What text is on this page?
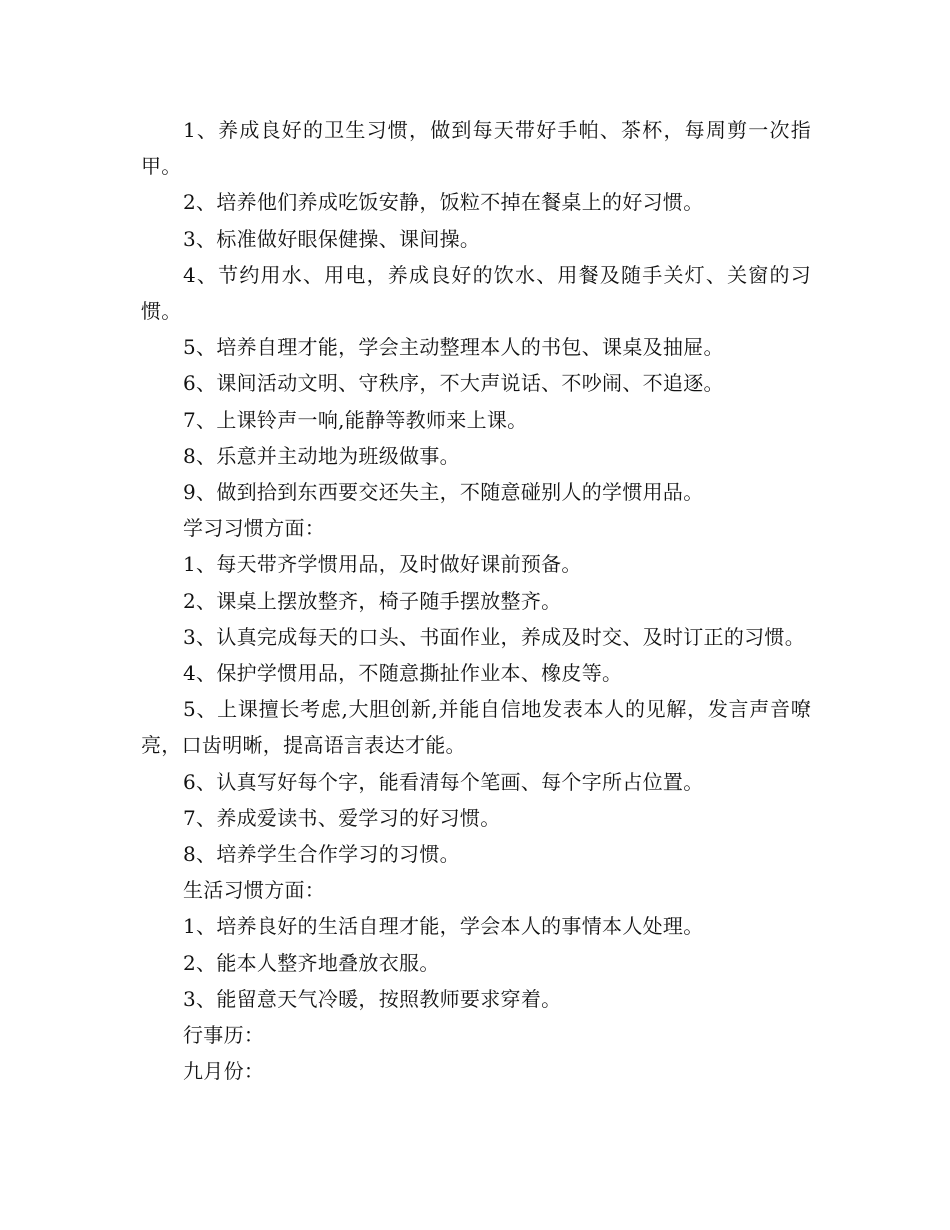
1、养成良好的卫生习惯，做到每天带好手帕、茶杯，每周剪一次指甲。

2、培养他们养成吃饭安静，饭粒不掉在餐桌上的好习惯。

3、标准做好眼保健操、课间操。

4、节约用水、用电，养成良好的饮水、用餐及随手关灯、关窗的习惯。

5、培养自理才能，学会主动整理本人的书包、课桌及抽屉。

6、课间活动文明、守秩序，不大声说话、不吵闹、不追逐。

7、上课铃声一响,能静等教师来上课。

8、乐意并主动地为班级做事。

9、做到拾到东西要交还失主，不随意碰别人的学惯用品。

学习习惯方面：

1、每天带齐学惯用品，及时做好课前预备。

2、课桌上摆放整齐，椅子随手摆放整齐。

3、认真完成每天的口头、书面作业，养成及时交、及时订正的习惯。

4、保护学惯用品，不随意撕扯作业本、橡皮等。

5、上课擅长考虑,大胆创新,并能自信地发表本人的见解，发言声音嘹亮，口齿明晰，提高语言表达才能。

6、认真写好每个字，能看清每个笔画、每个字所占位置。

7、养成爱读书、爱学习的好习惯。

8、培养学生合作学习的习惯。

生活习惯方面：

1、培养良好的生活自理才能，学会本人的事情本人处理。

2、能本人整齐地叠放衣服。

3、能留意天气冷暖，按照教师要求穿着。

行事历：

九月份：
